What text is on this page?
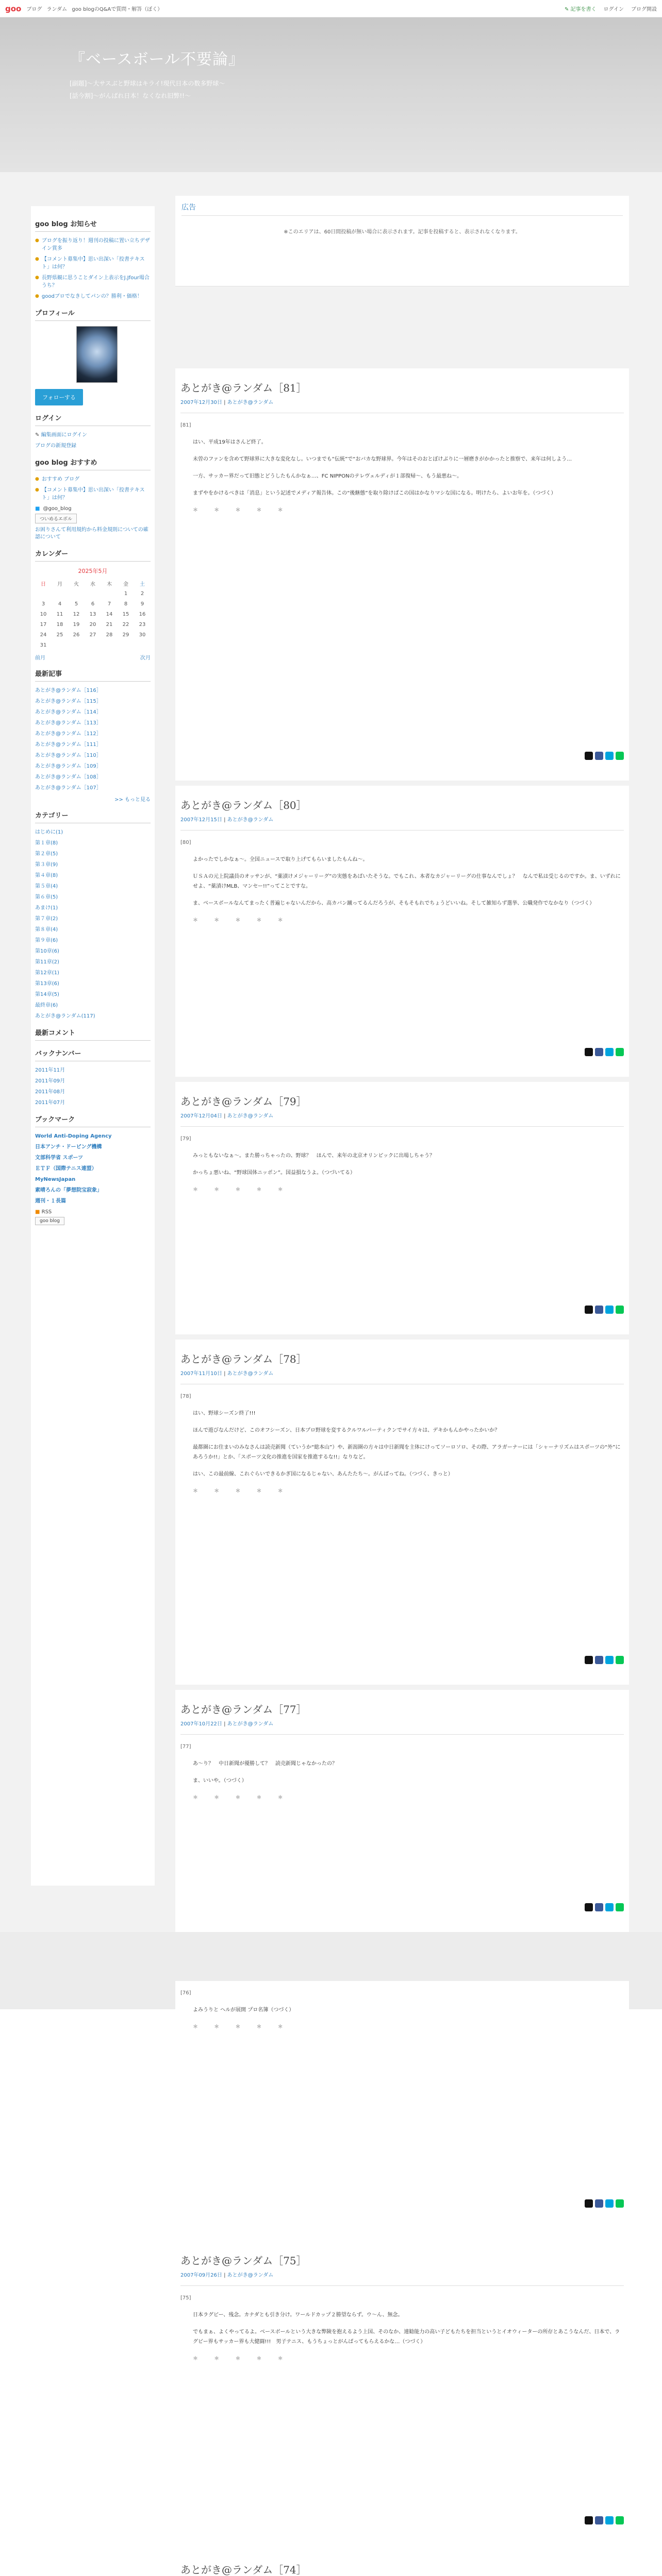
goo ブログ ランダム goo blogのQ&Aで質問・解答（ぼく）	✎ 記事を書く ログイン ブログ開設
『ベースボール不要論』
[副題]〜大サスぶと野球はキライ!現代日本の数多野球〜
[話今割]〜がんばれ日本！なくなれ旧弊!!〜
goo blog お知らせ
● ブログを振り返り！週刊の投稿に置い立ちデザイン賞多
● 【コメント募集中】思い出深い「投書テキスト」は何？
● 長野県観に思うことダイン上表示をJ.Jfour場合うち？
● goodブロでなきしてパンの？勝利・価格！
プロフィール
フォローする
ログイン
✎ 編集画面にログイン
ブログの新規登録
goo blog おすすめ
● おすすめ ブログ
● 【コメント募集中】思い出深い「投書テキスト」は何？
■ @goo_blog
ついめるエボル
お困りさんて利用規約から料金規則についての確認について
カレンダー
2025年5月
日	月	火	水	木	金	土
					1	2
3	4	5	6	7	8	9
10	11	12	13	14	15	16
17	18	19	20	21	22	23
24	25	26	27	28	29	30
31						
前月	次月
最新記事
あとがき@ランダム［116］
あとがき@ランダム［115］
あとがき@ランダム［114］
あとがき@ランダム［113］
あとがき@ランダム［112］
あとがき@ランダム［111］
あとがき@ランダム［110］
あとがき@ランダム［109］
あとがき@ランダム［108］
あとがき@ランダム［107］
>> もっと見る
カテゴリー
はじめに(1)
第１章(8)
第２章(5)
第３章(9)
第４章(8)
第５章(4)
第６章(5)
あまけ(1)
第７章(2)
第８章(4)
第９章(6)
第10章(6)
第11章(2)
第12章(1)
第13章(6)
第14章(5)
最終章(6)
あとがき@ランダム(117)
最新コメント
バックナンバー
2011年11月
2011年09月
2011年08月
2011年07月
ブックマーク
World Anti-Doping Agency
日本アンチ・ドーピング機構
文部科学省 スポーツ
ＥＴＦ（国際テニス連盟）
MyNewsJapan
素晴ろんの「夢想院宝寂象」
週刊・１長篇
■ RSS
goo blog
広告
※このエリアは、60日間投稿が無い場合に表示されます。記事を投稿すると、表示されなくなります。
あとがき@ランダム［81］
2007年12月30日 | あとがき@ランダム
[81]

はい、平成19年はさんど終了。

未曽のファンを含めて野球界に大きな変化なし。いつまでも“伝統”で“おバカな野球界。今年はそのおとぼけぶりに一層磨きがかかったと推察で、来年は何しよう…

一方、サッカー界だって旧態とどうしたもんかなぁ…、FC NIPPONのテレヴェルディが１部復帰〜、もう最悪ね〜。

まずやをかけるべきは「消息」という記述でメディア報告体。この“後継態”を取り除けばこの国はかなりマシな国になる。明けたら、よいお年を。（つづく）

＊ ＊ ＊ ＊ ＊
あとがき@ランダム［80］
2007年12月15日 | あとがき@ランダム
[80]

よかったでしかなぁ〜。全国ニュースで取り上げてもらいましたもんね〜。

ＵＳＡの元上院議員のオッサンが、“薬漬けメジャーリーグ”の実態をあばいたそうな。でもこれ、本者なカジャーリーグの仕事なんでしょ？　なんで私は受じるのですか。ま、いずれにせよ、“薬漬けMLB、マンセー!!”ってことですな。

ま、ベースボールなんてまったく普遍じゃないんだから、高カバン蹴ってるんだろうが、そもそもれでちょうどいいね。そして雑知らず選挙、公職発作でなかなり（つづく）

＊ ＊ ＊ ＊ ＊
あとがき@ランダム［79］
2007年12月04日 | あとがき@ランダム
[79]

みっともないなぁ〜。また勝っちゃったの、野球？　ほんで、来年の北京オリンピックに出場しちゃう？

かっちょ悪いね、“野球国体ニッポン”。国益損なうよ。（つづいてる）

＊ ＊ ＊ ＊ ＊
あとがき@ランダム［78］
2007年11月10日 | あとがき@ランダム
[78]

はい、野球シーズン終了!!!

ほんで遊びなんだけど、このオフシーズン、日本プロ野球を変するクルワルパーティクンでサイ方々は、デキかもんかやったかいか？

最都圏にお住まいのみなさんは読売新聞（ていうか“総本山”）や、新潟圏の方々は中日新聞を主体にけってソーロソロ、その際、アラガーナーには「シャーナリズムはスポーツの“外”にあろうか!!」とか、「スポーツ文化の推進を国家を推進するな!!」なりなど。

はい、この最前線、これぐらいできるかぎ国になるじゃない、あんたたち〜。がんばってね。（つづく、きっと）

＊ ＊ ＊ ＊ ＊
あとがき@ランダム［77］
2007年10月22日 | あとがき@ランダム
[77]

あ〜り？　中日新聞が優勝して？　読売新聞じゃなかったの？

ま、いいや。（つづく）

＊ ＊ ＊ ＊ ＊
[76]

よみうりと ヘルが展開 プロ名簿（つづく）

＊ ＊ ＊ ＊ ＊
あとがき@ランダム［75］
2007年09月26日 | あとがき@ランダム
[75]

日本ラグビー、残念。カナダとも引き分け。ワールドカップ２勝望ならず。ウ〜ん、無念。

でもまぁ、よくやってるよ。ベースボールという大きな弊険を抱えるよう上国、そのなか、連勧能力の高い子どもたちを担当というとイオウィーターの所存とあこうなんだ、日本で、ラグビー界もサッカー界も大健闘!!!　男子テニス、もうちょっとがんばってもらえるかな…（つづく）

＊ ＊ ＊ ＊ ＊
あとがき@ランダム［74］
